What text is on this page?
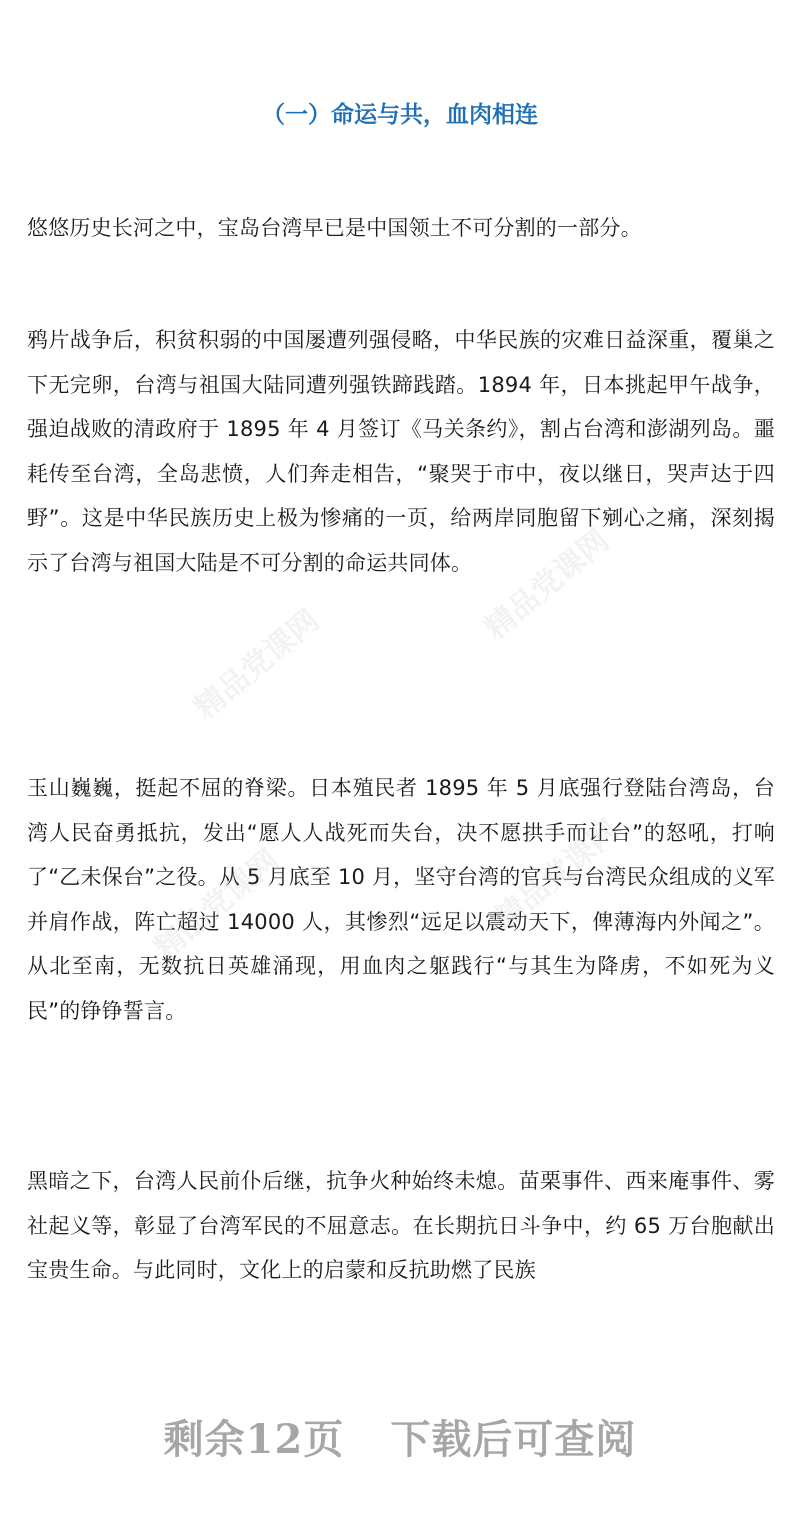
（一）命运与共，血肉相连

悠悠历史长河之中，宝岛台湾早已是中国领土不可分割的一部分。

鸦片战争后，积贫积弱的中国屡遭列强侵略，中华民族的灾难日益深重，覆巢之下无完卵，台湾与祖国大陆同遭列强铁蹄践踏。1894 年，日本挑起甲午战争，强迫战败的清政府于 1895 年 4 月签订《马关条约》，割占台湾和澎湖列岛。噩耗传至台湾，全岛悲愤，人们奔走相告，“聚哭于市中，夜以继日，哭声达于四野”。这是中华民族历史上极为惨痛的一页，给两岸同胞留下剜心之痛，深刻揭示了台湾与祖国大陆是不可分割的命运共同体。

玉山巍巍，挺起不屈的脊梁。日本殖民者 1895 年 5 月底强行登陆台湾岛，台湾人民奋勇抵抗，发出“愿人人战死而失台，决不愿拱手而让台”的怒吼，打响了“乙未保台”之役。从 5 月底至 10 月，坚守台湾的官兵与台湾民众组成的义军并肩作战，阵亡超过 14000 人，其惨烈“远足以震动天下，俾薄海内外闻之”。从北至南，无数抗日英雄涌现，用血肉之躯践行“与其生为降虏，不如死为义民”的铮铮誓言。

黑暗之下，台湾人民前仆后继，抗争火种始终未熄。苗栗事件、西来庵事件、雾社起义等，彰显了台湾军民的不屈意志。在长期抗日斗争中，约 65 万台胞献出宝贵生命。与此同时，文化上的启蒙和反抗助燃了民族

精品党课网
精品党课网
精品党课网	精品党课网
剩余12页 下载后可查阅
